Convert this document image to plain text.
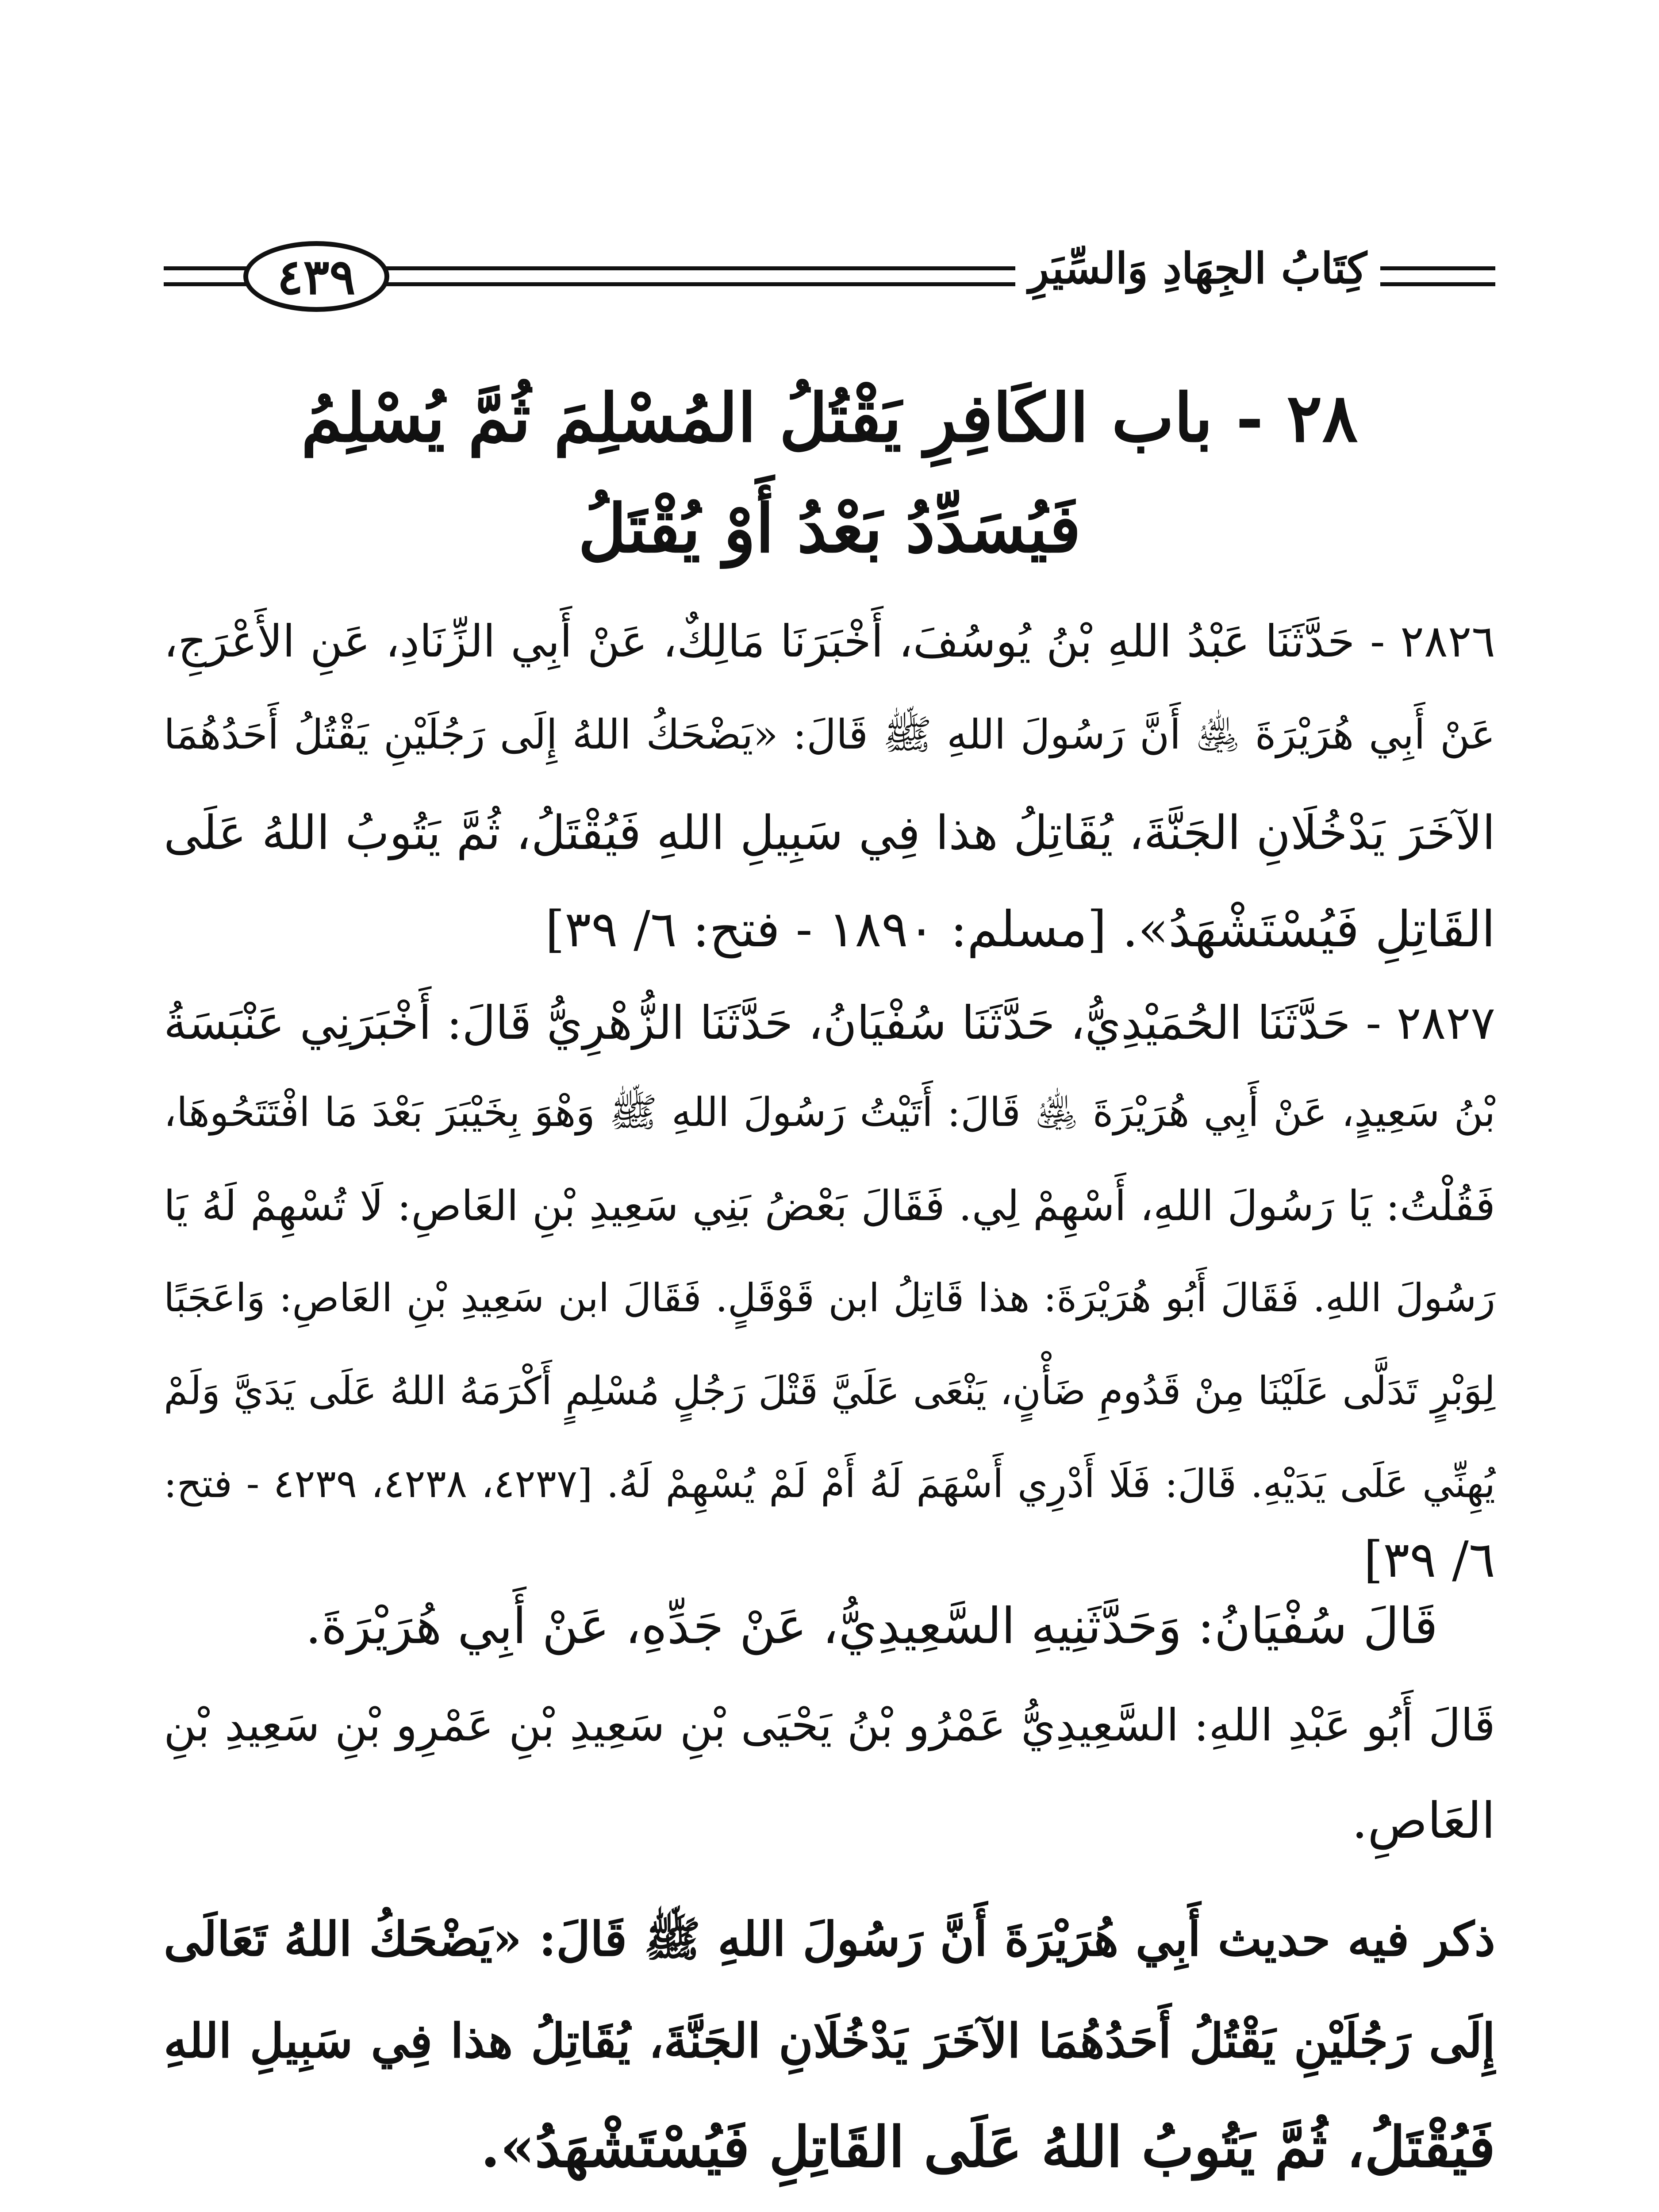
٤٣٩	كِتَابُ الجِهَادِ وَالسِّيَرِ
٢٨ - باب الكَافِرِ يَقْتُلُ المُسْلِمَ ثُمَّ يُسْلِمُ
فَيُسَدِّدُ بَعْدُ أَوْ يُقْتَلُ
٢٨٢٦ - حَدَّثَنَا عَبْدُ اللهِ بْنُ يُوسُفَ، أَخْبَرَنَا مَالِكٌ، عَنْ أَبِي الزِّنَادِ، عَنِ الأَعْرَجِ،
عَنْ أَبِي هُرَيْرَةَ ﵁ أَنَّ رَسُولَ اللهِ ﷺ قَالَ: «يَضْحَكُ اللهُ إِلَى رَجُلَيْنِ يَقْتُلُ أَحَدُهُمَا
الآخَرَ يَدْخُلَانِ الجَنَّةَ، يُقَاتِلُ هذا فِي سَبِيلِ اللهِ فَيُقْتَلُ، ثُمَّ يَتُوبُ اللهُ عَلَى
القَاتِلِ فَيُسْتَشْهَدُ». [مسلم: ١٨٩٠ - فتح: ٦/ ٣٩]
٢٨٢٧ - حَدَّثَنَا الحُمَيْدِيُّ، حَدَّثَنَا سُفْيَانُ، حَدَّثَنَا الزُّهْرِيُّ قَالَ: أَخْبَرَنِي عَنْبَسَةُ
بْنُ سَعِيدٍ، عَنْ أَبِي هُرَيْرَةَ ﵁ قَالَ: أَتَيْتُ رَسُولَ اللهِ ﷺ وَهْوَ بِخَيْبَرَ بَعْدَ مَا افْتَتَحُوهَا،
فَقُلْتُ: يَا رَسُولَ اللهِ، أَسْهِمْ لِي. فَقَالَ بَعْضُ بَنِي سَعِيدِ بْنِ العَاصِ: لَا تُسْهِمْ لَهُ يَا
رَسُولَ اللهِ. فَقَالَ أَبُو هُرَيْرَةَ: هذا قَاتِلُ ابن قَوْقَلٍ. فَقَالَ ابن سَعِيدِ بْنِ العَاصِ: وَاعَجَبًا
لِوَبْرٍ تَدَلَّى عَلَيْنَا مِنْ قَدُومِ ضَأْنٍ، يَنْعَى عَلَيَّ قَتْلَ رَجُلٍ مُسْلِمٍ أَكْرَمَهُ اللهُ عَلَى يَدَيَّ وَلَمْ
يُهِنِّي عَلَى يَدَيْهِ. قَالَ: فَلَا أَدْرِي أَسْهَمَ لَهُ أَمْ لَمْ يُسْهِمْ لَهُ. [٤٢٣٧، ٤٢٣٨، ٤٢٣٩ - فتح:
٦/ ٣٩]
قَالَ سُفْيَانُ: وَحَدَّثَنِيهِ السَّعِيدِيُّ، عَنْ جَدِّهِ، عَنْ أَبِي هُرَيْرَةَ.
قَالَ أَبُو عَبْدِ اللهِ: السَّعِيدِيُّ عَمْرُو بْنُ يَحْيَى بْنِ سَعِيدِ بْنِ عَمْرِو بْنِ سَعِيدِ بْنِ
العَاصِ.
ذكر فيه حديث أَبِي هُرَيْرَةَ أَنَّ رَسُولَ اللهِ ﷺ قَالَ: «يَضْحَكُ اللهُ تَعَالَى
إِلَى رَجُلَيْنِ يَقْتُلُ أَحَدُهُمَا الآخَرَ يَدْخُلَانِ الجَنَّةَ، يُقَاتِلُ هذا فِي سَبِيلِ اللهِ
فَيُقْتَلُ، ثُمَّ يَتُوبُ اللهُ عَلَى القَاتِلِ فَيُسْتَشْهَدُ».
